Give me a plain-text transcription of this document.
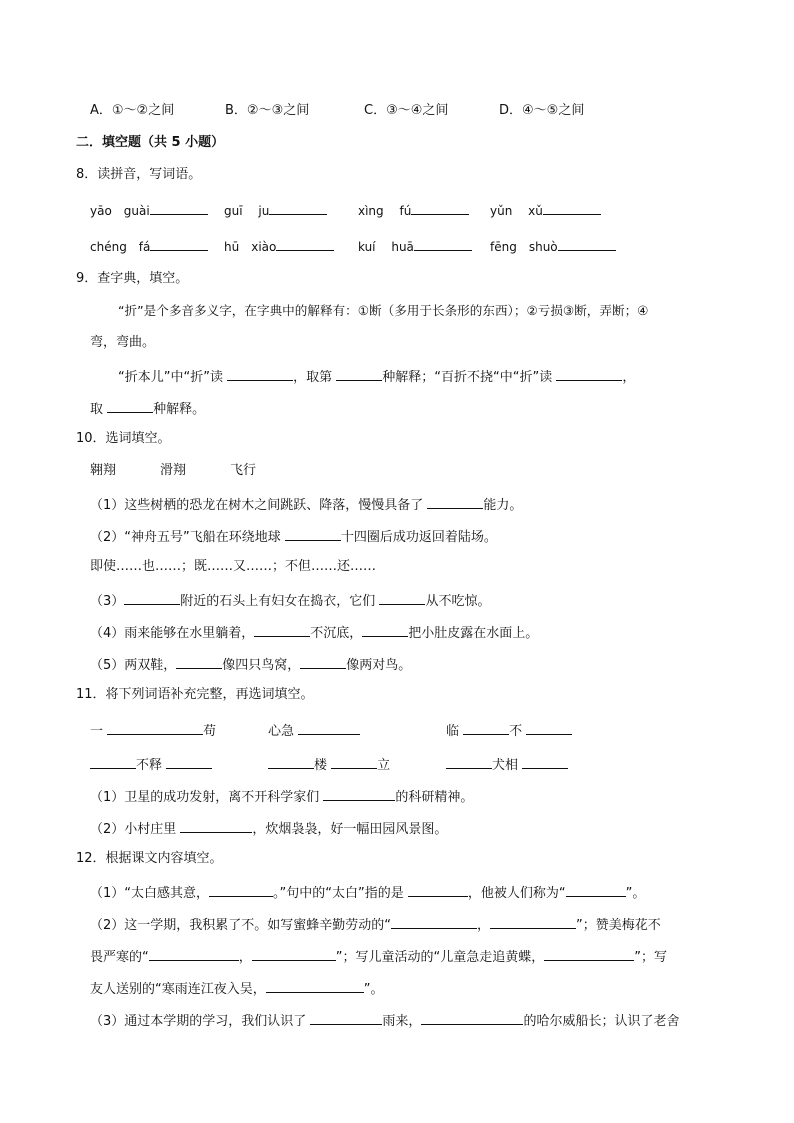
A．①～②之间	B．②～③之间	C．③～④之间	D．④～⑤之间
二．填空题（共 5 小题）
8．读拼音，写词语。
yāo　guài	guī　 ju	xìng　 fú	yǔn　 xǔ
chéng　fá	hū　xiào	kuí　 huā	fēng　shuò
9．查字典，填空。
“折”是个多音多义字，在字典中的解释有：①断（多用于长条形的东西）；②亏损③断，弄断；④
弯，弯曲。
“折本儿”中“折”读	，取第	种解释；“百折不挠“中“折”读	，
取	种解释。
10．选词填空。
翱翔	滑翔	飞行
（1）这些树栖的恐龙在树木之间跳跃、降落，慢慢具备了	能力。
（2）“神舟五号”飞船在环绕地球	十四圈后成功返回着陆场。
即使……也……；既……又……；不但……还……
（3）	附近的石头上有妇女在捣衣，它们	从不吃惊。
（4）雨来能够在水里躺着，	不沉底，	把小肚皮露在水面上。
（5）两双鞋，	像四只鸟窝，	像两对鸟。
11．将下列词语补充完整，再选词填空。
一	苟	心急	临	不
不释	楼	立	犬相
（1）卫星的成功发射，离不开科学家们	的科研精神。
（2）小村庄里	，炊烟袅袅，好一幅田园风景图。
12．根据课文内容填空。
（1）“太白感其意，	。”句中的“太白”指的是	，他被人们称为“	”。
（2）这一学期，我积累了不。如写蜜蜂辛勤劳动的“	，	”；赞美梅花不
畏严寒的“	，	”；写儿童活动的“儿童急走追黄蝶，	”；写
友人送别的“寒雨连江夜入吴，	”。
（3）通过本学期的学习，我们认识了	雨来，	的哈尔威船长；认识了老舍
